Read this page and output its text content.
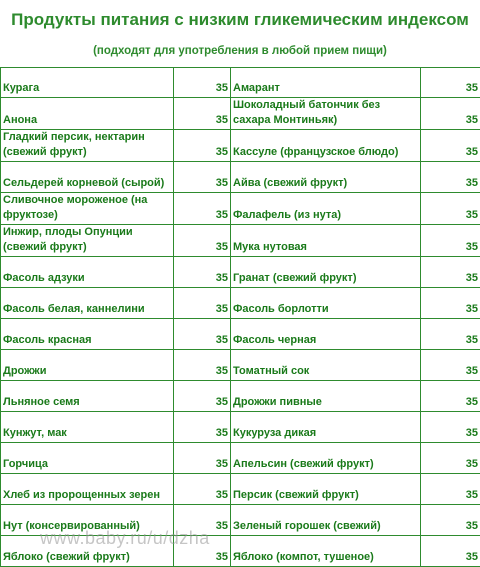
Продукты питания с низким гликемическим индексом
(подходят для употребления в любой прием пищи)
Курага	35	Амарант	35
Анона	35	Шоколадный батончик без сахара Монтиньяк)	35
Гладкий персик, нектарин (свежий фрукт)	35	Кассуле (французское блюдо)	35
Сельдерей корневой (сырой)	35	Айва (свежий фрукт)	35
Сливочное мороженое (на фруктозе)	35	Фалафель (из нута)	35
Инжир, плоды Опунции (свежий фрукт)	35	Мука нутовая	35
Фасоль адзуки	35	Гранат (свежий фрукт)	35
Фасоль белая, каннелини	35	Фасоль борлотти	35
Фасоль красная	35	Фасоль черная	35
Дрожжи	35	Томатный сок	35
Льняное семя	35	Дрожжи пивные	35
Кунжут, мак	35	Кукуруза дикая	35
Горчица	35	Апельсин (свежий фрукт)	35
Хлеб из пророщенных зерен	35	Персик (свежий фрукт)	35
Нут (консервированный)	35	Зеленый горошек (свежий)	35
Яблоко (свежий фрукт)	35	Яблоко (компот, тушеное)	35
www.baby.ru/u/dzha
